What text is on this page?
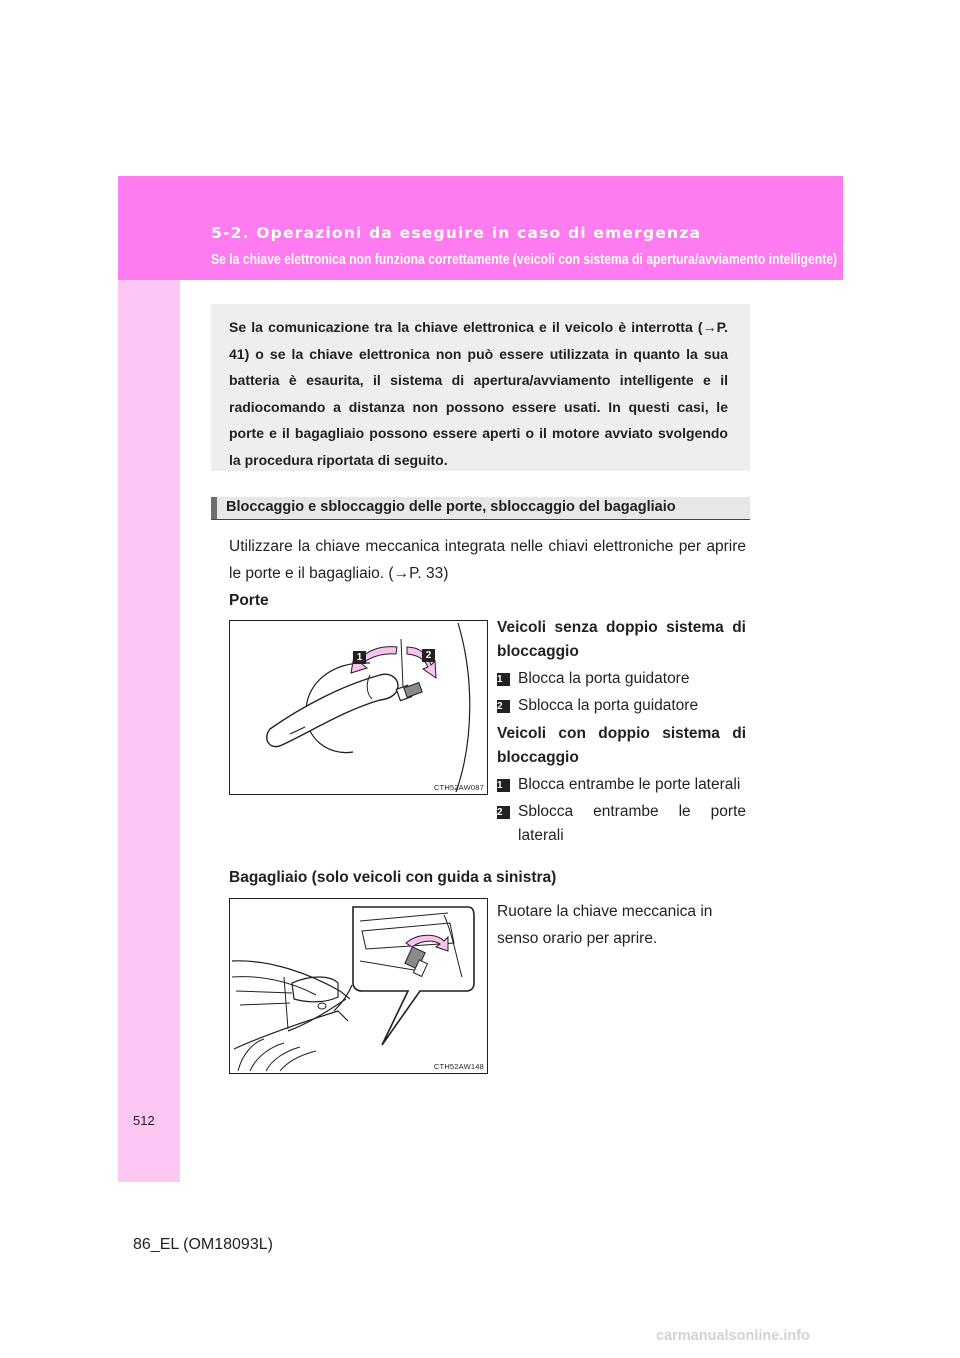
5-2. Operazioni da eseguire in caso di emergenza
Se la chiave elettronica non funziona correttamente (veicoli con sistema di apertura/avviamento intelligente)
Se la comunicazione tra la chiave elettronica e il veicolo è interrotta (→P. 41) o se la chiave elettronica non può essere utilizzata in quanto la sua batteria è esaurita, il sistema di apertura/avviamento intelligente e il radiocomando a distanza non possono essere usati. In questi casi, le porte e il bagagliaio possono essere aperti o il motore avviato svolgendo la procedura riportata di seguito.
Bloccaggio e sbloccaggio delle porte, sbloccaggio del bagagliaio
Utilizzare la chiave meccanica integrata nelle chiavi elettroniche per aprire le porte e il bagagliaio. (→P. 33)
Porte
1	2
CTH52AW087
Veicoli senza doppio sistema di bloccaggio
1 Blocca la porta guidatore
2 Sblocca la porta guidatore
Veicoli con doppio sistema di bloccaggio
1 Blocca entrambe le porte laterali
2 Sblocca entrambe le porte laterali
Bagagliaio (solo veicoli con guida a sinistra)
CTH52AW148
Ruotare la chiave meccanica in senso orario per aprire.
512
86_EL (OM18093L)
carmanualsonline.info
